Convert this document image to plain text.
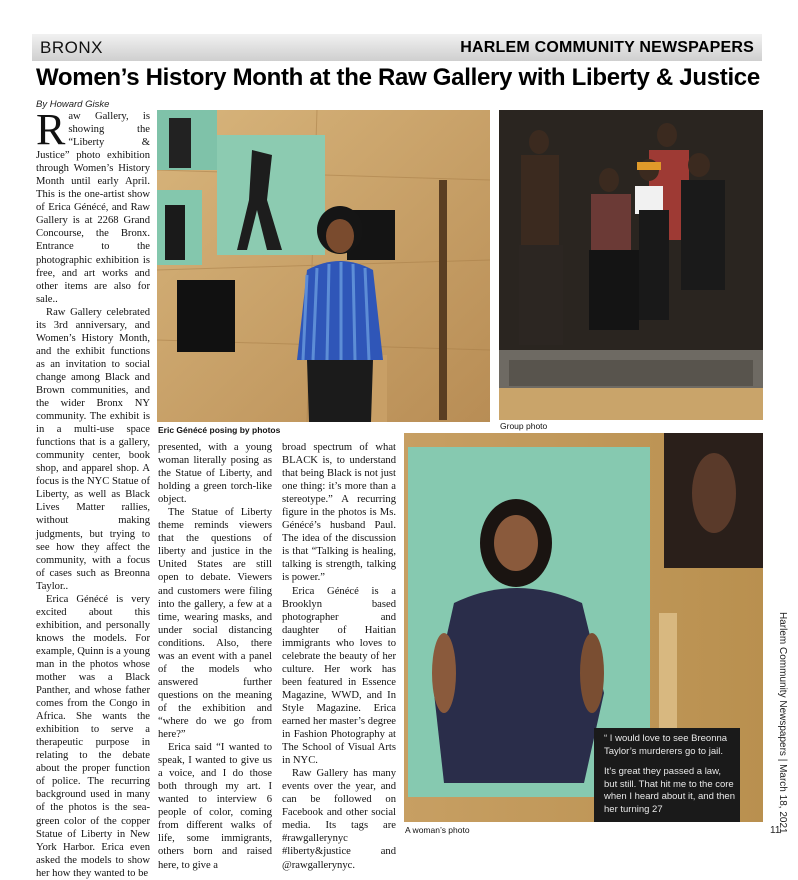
BRONX	HARLEM COMMUNITY NEWSPAPERS
Women’s History Month at the Raw Gallery with Liberty & Justice
By Howard Giske

Raw Gallery, is showing the “Liberty & Justice” photo exhibition through Women’s History Month until early April. This is the one-artist show of Erica Génécé, and Raw Gallery is at 2268 Grand Concourse, the Bronx. Entrance to the photographic exhibition is free, and art works and other items are also for sale..

Raw Gallery celebrated its 3rd anniversary, and Women’s History Month, and the exhibit functions as an invitation to social change among Black and Brown communities, and the wider Bronx NY community. The exhibit is in a multi-use space functions that is a gallery, community center, book shop, and apparel shop. A focus is the NYC Statue of Liberty, as well as Black Lives Matter rallies, without making judgments, but trying to see how they affect the community, with a focus of cases such as Breonna Taylor..

Erica Génécé is very excited about this exhibition, and personally knows the models. For example, Quinn is a young man in the photos whose mother was a Black Panther, and whose father comes from the Congo in Africa. She wants the exhibition to serve a therapeutic purpose in relating to the debate about the proper function of police. The recurring background used in many of the photos is the sea-green color of the copper Statue of Liberty in New York Harbor. Erica even asked the models to show her how they wanted to be

presented, with a young woman literally posing as the Statue of Liberty, and holding a green torch-like object.

The Statue of Liberty theme reminds viewers that the questions of liberty and justice in the United States are still open to debate. Viewers and customers were filing into the gallery, a few at a time, wearing masks, and under social distancing conditions. Also, there was an event with a panel of the models who answered further questions on the meaning of the exhibition and “where do we go from here?”

Erica said “I wanted to speak, I wanted to give us a voice, and I do those both through my art. I wanted to interview 6 people of color, coming from different walks of life, some immigrants, others born and raised here, to give a

broad spectrum of what BLACK is, to understand that being Black is not just one thing: it’s more than a stereotype.” A recurring figure in the photos is Ms. Génécé’s husband Paul. The idea of the discussion is that “Talking is healing, talking is strength, talking is power.”

Erica Génécé is a Brooklyn based photographer and daughter of Haitian immigrants who loves to celebrate the beauty of her culture. Her work has been featured in Essence Magazine, WWD, and In Style Magazine. Erica earned her master’s degree in Fashion Photography at The School of Visual Arts in NYC.

Raw Gallery has many events over the year, and can be followed on Facebook and other social media. Its tags are #rawgallerynyc #liberty&justice and @rawgallerynyc.

“ I would love to see Breonna Taylor’s murderers go to jail.
It’s great they passed a law, but still. That hit me to the core when I heard about it, and then her turning 27
Eric Génécé posing by photos	Group photo
A woman’s photo	Harlem Community Newspapers | March 18, 2021
11
